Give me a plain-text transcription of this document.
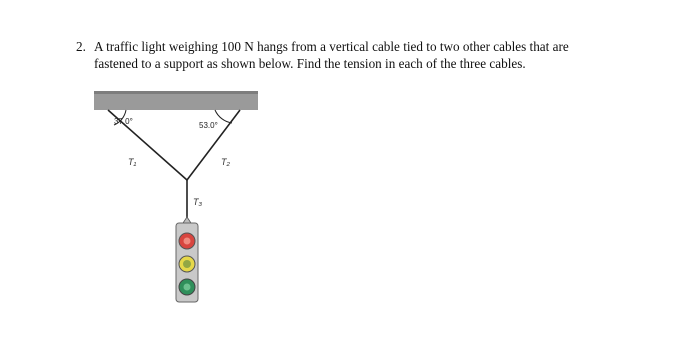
2. A traffic light weighing 100 N hangs from a vertical cable tied to two other cables that are
fastened to a support as shown below. Find the tension in each of the three cables.
37.0°	53.0°
T₁	T₂
T₃
